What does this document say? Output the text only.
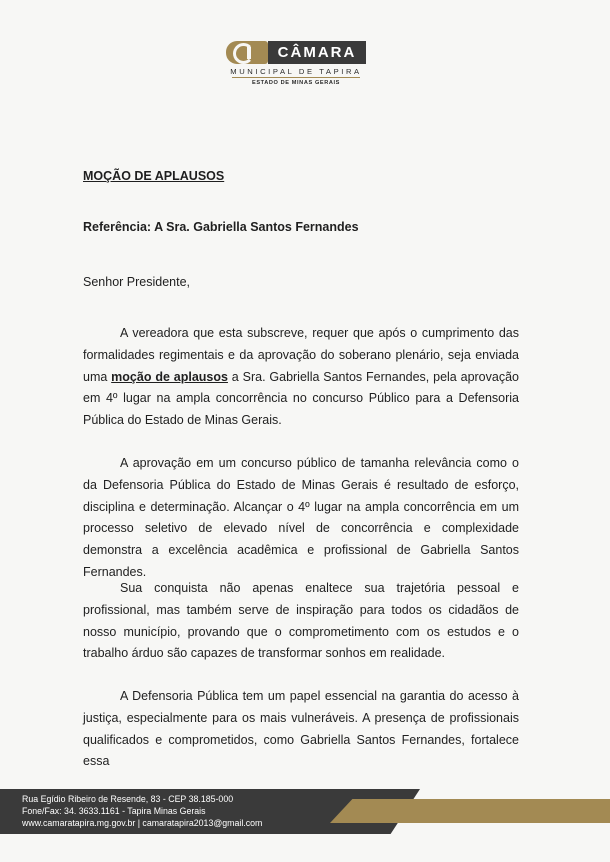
CÂMARA
MUNICIPAL DE TAPIRA
ESTADO DE MINAS GERAIS
MOÇÃO DE APLAUSOS

Referência: A Sra. Gabriella Santos Fernandes

Senhor Presidente,

A vereadora que esta subscreve, requer que após o cumprimento das formalidades regimentais e da aprovação do soberano plenário, seja enviada uma moção de aplausos a Sra. Gabriella Santos Fernandes, pela aprovação em 4º lugar na ampla concorrência no concurso Público para a Defensoria Pública do Estado de Minas Gerais.

A aprovação em um concurso público de tamanha relevância como o da Defensoria Pública do Estado de Minas Gerais é resultado de esforço, disciplina e determinação. Alcançar o 4º lugar na ampla concorrência em um processo seletivo de elevado nível de concorrência e complexidade demonstra a excelência acadêmica e profissional de Gabriella Santos Fernandes.

Sua conquista não apenas enaltece sua trajetória pessoal e profissional, mas também serve de inspiração para todos os cidadãos de nosso município, provando que o comprometimento com os estudos e o trabalho árduo são capazes de transformar sonhos em realidade.

A Defensoria Pública tem um papel essencial na garantia do acesso à justiça, especialmente para os mais vulneráveis. A presença de profissionais qualificados e comprometidos, como Gabriella Santos Fernandes, fortalece essa

Rua Egídio Ribeiro de Resende, 83 - CEP 38.185-000

Fone/Fax: 34. 3633.1161 - Tapira Minas Gerais

www.camaratapira.mg.gov.br | camaratapira2013@gmail.com
